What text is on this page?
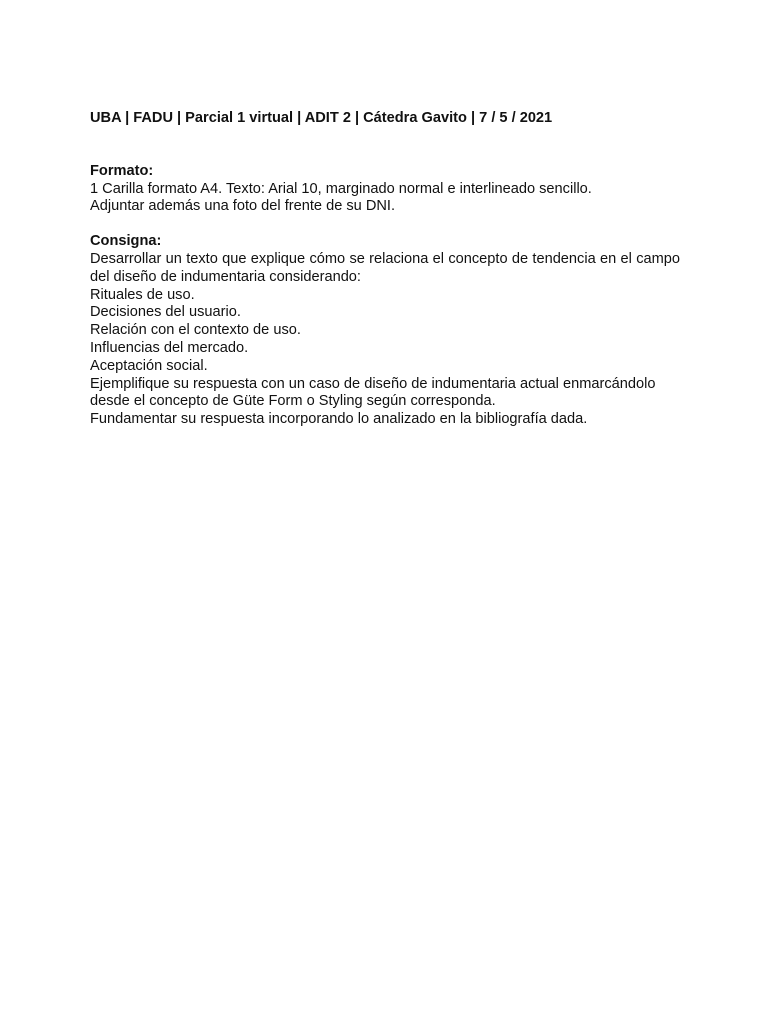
UBA | FADU | Parcial 1 virtual | ADIT 2 | Cátedra Gavito | 7 / 5 / 2021

Formato:

1 Carilla formato A4. Texto: Arial 10, marginado normal e interlineado sencillo.

Adjuntar además una foto del frente de su DNI.

Consigna:

Desarrollar un texto que explique cómo se relaciona el concepto de tendencia en el campo del diseño de indumentaria considerando:

Rituales de uso.

Decisiones del usuario.

Relación con el contexto de uso.

Influencias del mercado.

Aceptación social.

Ejemplifique su respuesta con un caso de diseño de indumentaria actual enmarcándolo desde el concepto de Güte Form o Styling según corresponda.

Fundamentar su respuesta incorporando lo analizado en la bibliografía dada.
